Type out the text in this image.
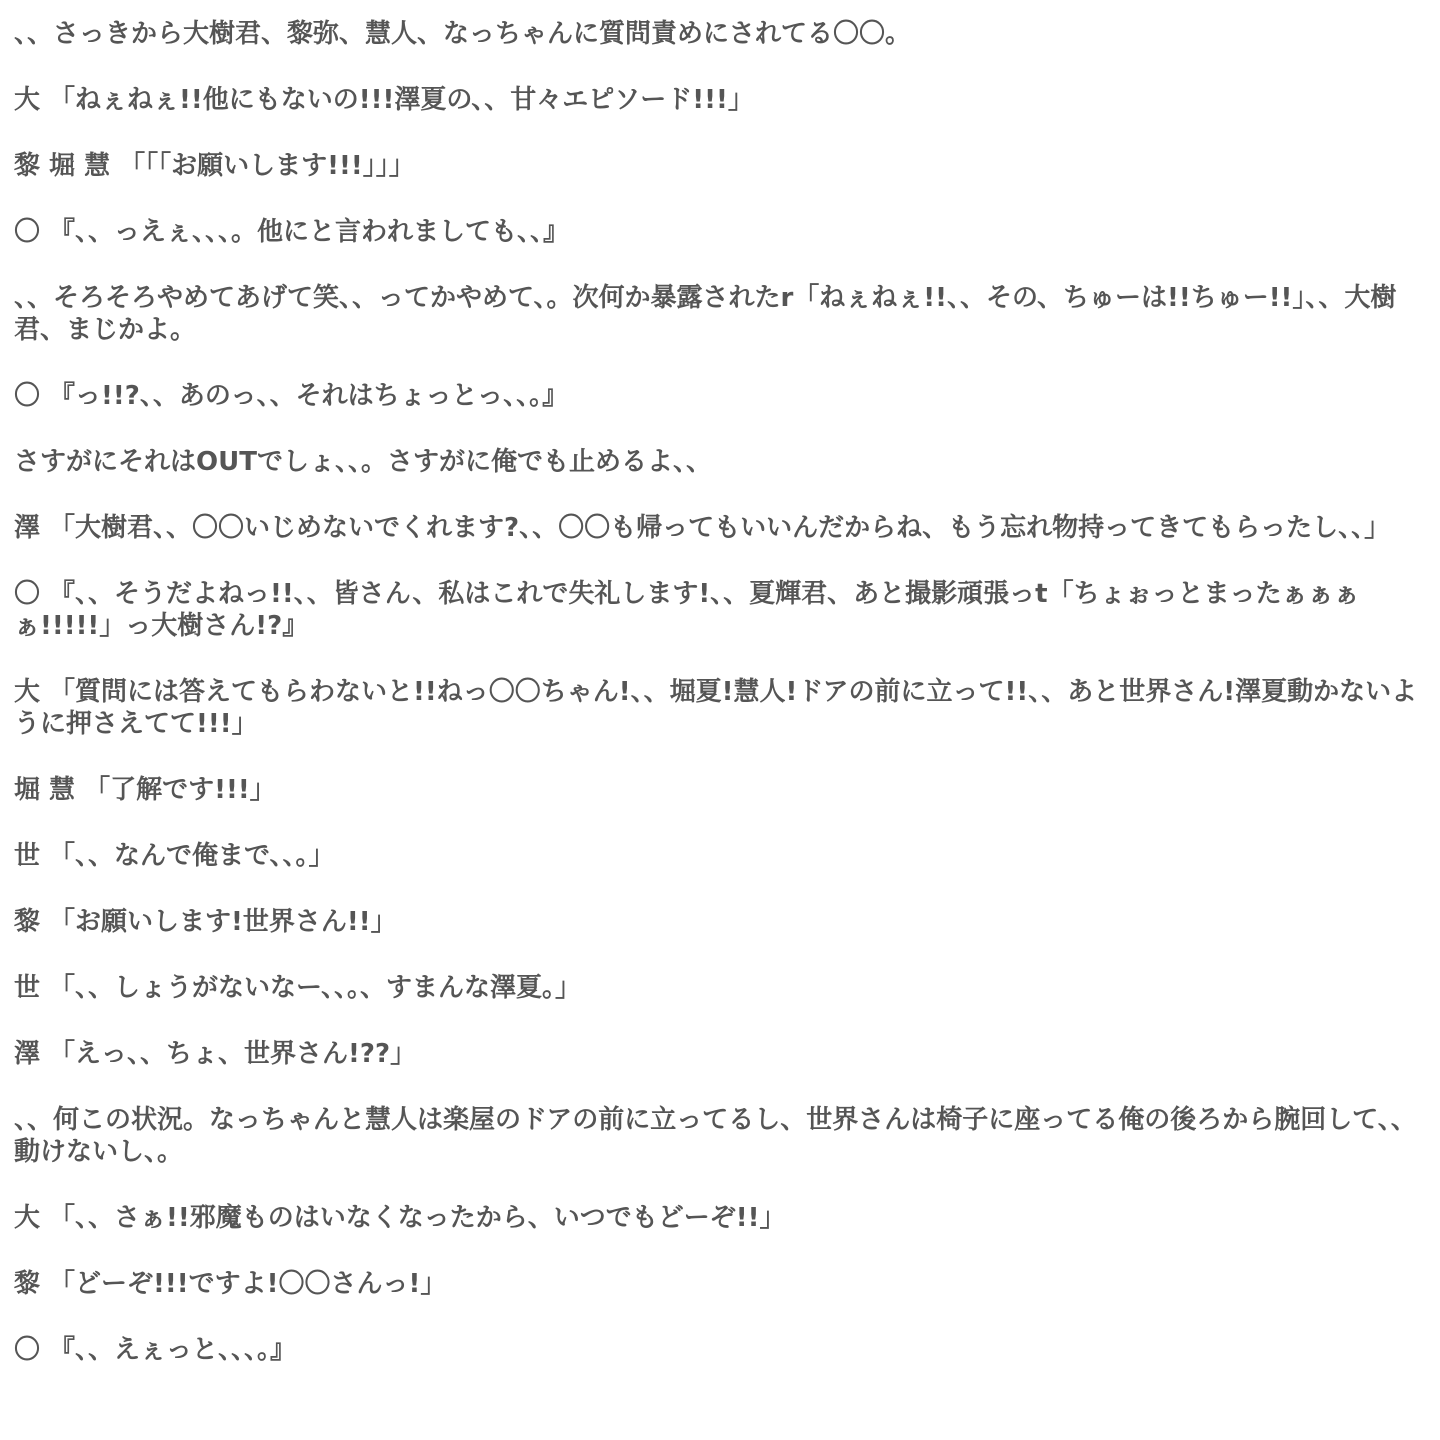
、、さっきから大樹君、黎弥、慧人、なっちゃんに質問責めにされてる〇〇。

大 「ねぇねぇ!!他にもないの!!!澤夏の、、甘々エピソード!!!」

黎 堀 慧 「「「お願いします!!!」」」

〇 『、、っえぇ、、、。他にと言われましても、、』

、、そろそろやめてあげて笑、、ってかやめて、。次何か暴露されたr「ねぇねぇ!!、、その、ちゅーは!!ちゅー!!」、、大樹君、まじかよ。

〇 『っ!!?、、あのっ、、それはちょっとっ、、。』

さすがにそれはOUTでしょ、、。さすがに俺でも止めるよ、、

澤 「大樹君、、〇〇いじめないでくれます?、、〇〇も帰ってもいいんだからね、もう忘れ物持ってきてもらったし、、」

〇 『、、そうだよねっ!!、、皆さん、私はこれで失礼します!、、夏輝君、あと撮影頑張っt「ちょぉっとまったぁぁぁぁ!!!!!」っ大樹さん!?』

大 「質問には答えてもらわないと!!ねっ〇〇ちゃん!、、堀夏!慧人!ドアの前に立って!!、、あと世界さん!澤夏動かないように押さえてて!!!」

堀 慧 「了解です!!!」

世 「、、なんで俺まで、、。」

黎 「お願いします!世界さん!!」

世 「、、しょうがないなー、、。、すまんな澤夏。」

澤 「えっ、、ちょ、世界さん!??」

、、何この状況。なっちゃんと慧人は楽屋のドアの前に立ってるし、世界さんは椅子に座ってる俺の後ろから腕回して、、動けないし、。

大 「、、さぁ!!邪魔ものはいなくなったから、いつでもどーぞ!!」

黎 「どーぞ!!!ですよ!〇〇さんっ!」

〇 『、、えぇっと、、、。』
